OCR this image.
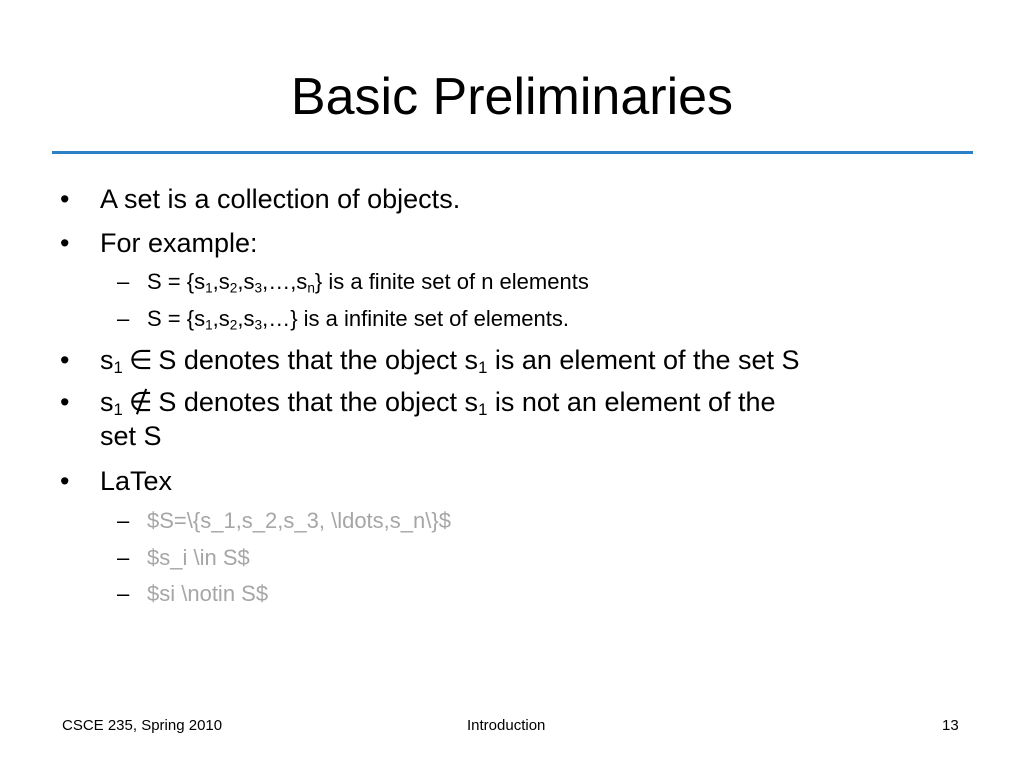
Basic Preliminaries
• A set is a collection of objects.
• For example:
– $S = \{s_1,s_2,s_3,\dots,s_n\}$ is a finite set of n elements
– $S = \{s_1,s_2,s_3,\dots\}$ is a infinite set of elements.
• $s_1$ ∈ S denotes that the object $s_1$ is an element of the set S
• $s_1$ ∉ S denotes that the object $s_1$ is not an element of the
set S
• LaTex
– $S=\{s_1,s_2,s_3, \ldots,s_n\}$
– $s_i \in S$
– $si \notin S$
CSCE 235, Spring 2010	Introduction	13
